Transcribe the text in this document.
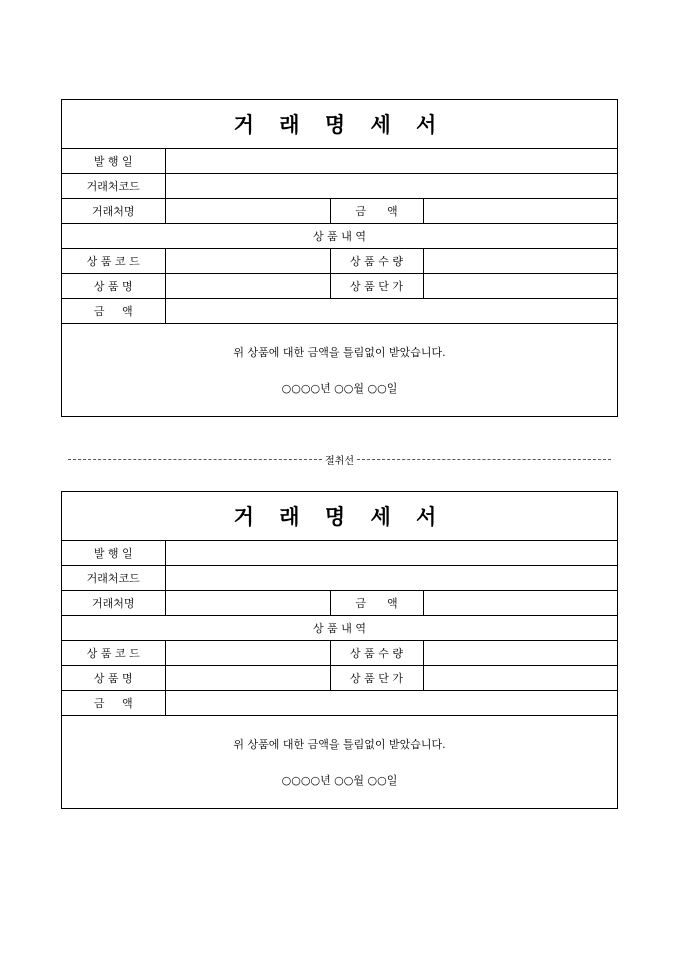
거 래 명 세 서			
발 행 일			
거래처코드			
거래처명		금      액	
상 품 내 역			
상 품 코 드		상 품 수 량	
상 품 명		상 품 단 가	
금     액			

위 상품에 대한 금액을 틀림없이 받았습니다.
○○○○년 ○○월 ○○일			
절취선
거 래 명 세 서			
발 행 일			
거래처코드			
거래처명		금      액	
상 품 내 역			
상 품 코 드		상 품 수 량	
상 품 명		상 품 단 가	
금     액			

위 상품에 대한 금액을 틀림없이 받았습니다.
○○○○년 ○○월 ○○일			
